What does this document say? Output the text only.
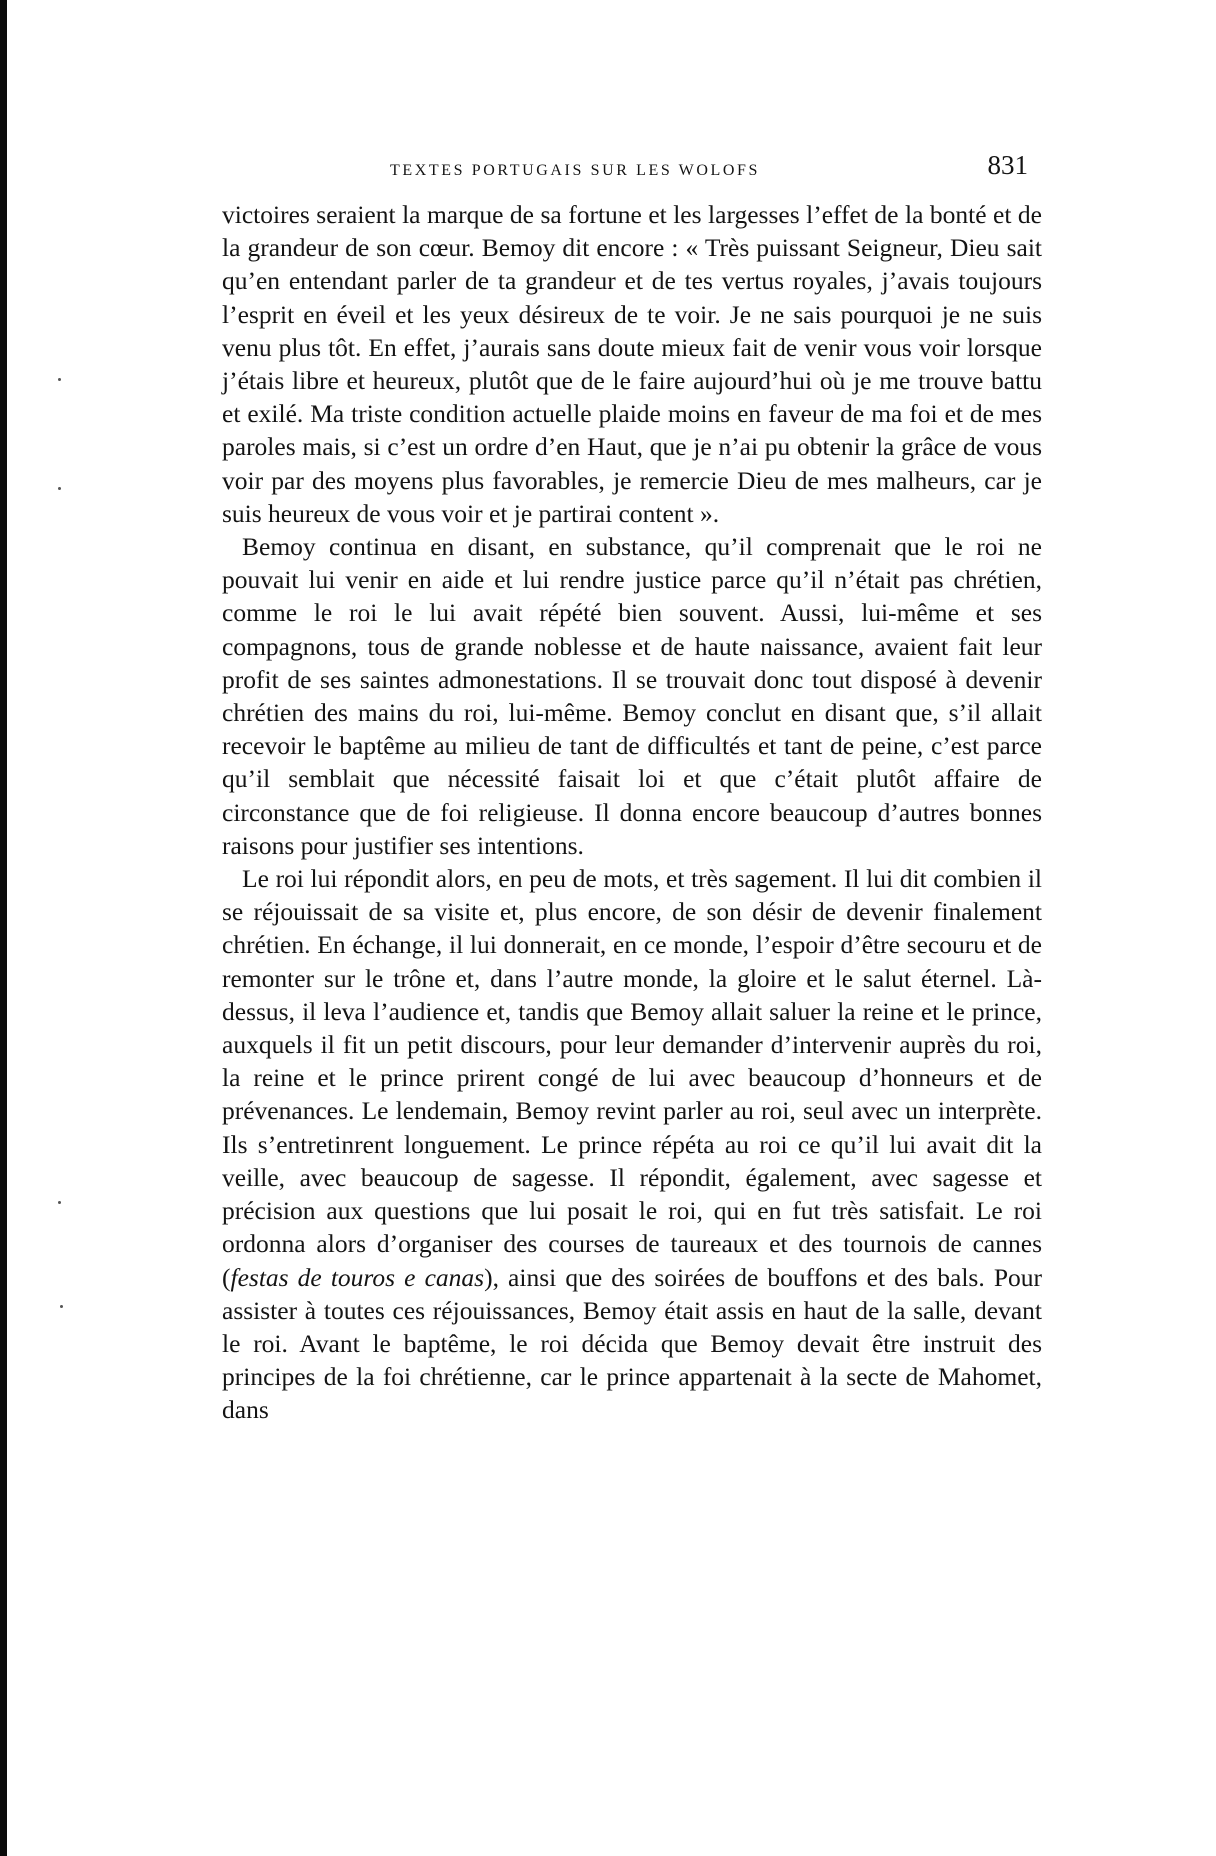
TEXTES PORTUGAIS SUR LES WOLOFS	831

victoires seraient la marque de sa fortune et les largesses l’effet de la bonté et de la grandeur de son cœur. Bemoy dit encore : « Très puissant Seigneur, Dieu sait qu’en entendant parler de ta grandeur et de tes vertus royales, j’avais toujours l’esprit en éveil et les yeux désireux de te voir. Je ne sais pourquoi je ne suis venu plus tôt. En effet, j’aurais sans doute mieux fait de venir vous voir lorsque j’étais libre et heureux, plutôt que de le faire aujourd’hui où je me trouve battu et exilé. Ma triste condition actuelle plaide moins en faveur de ma foi et de mes paroles mais, si c’est un ordre d’en Haut, que je n’ai pu obtenir la grâce de vous voir par des moyens plus favorables, je remercie Dieu de mes malheurs, car je suis heureux de vous voir et je partirai content ».

Bemoy continua en disant, en substance, qu’il comprenait que le roi ne pouvait lui venir en aide et lui rendre justice parce qu’il n’était pas chrétien, comme le roi le lui avait répété bien souvent. Aussi, lui-même et ses compagnons, tous de grande noblesse et de haute naissance, avaient fait leur profit de ses saintes admonestations. Il se trouvait donc tout disposé à devenir chrétien des mains du roi, lui-même. Bemoy conclut en disant que, s’il allait recevoir le baptême au milieu de tant de difficultés et tant de peine, c’est parce qu’il semblait que nécessité faisait loi et que c’était plutôt affaire de circonstance que de foi religieuse. Il donna encore beaucoup d’autres bonnes raisons pour justifier ses intentions.

Le roi lui répondit alors, en peu de mots, et très sagement. Il lui dit combien il se réjouissait de sa visite et, plus encore, de son désir de devenir finalement chrétien. En échange, il lui donnerait, en ce monde, l’espoir d’être secouru et de remonter sur le trône et, dans l’autre monde, la gloire et le salut éternel. Là-dessus, il leva l’audience et, tandis que Bemoy allait saluer la reine et le prince, auxquels il fit un petit discours, pour leur demander d’intervenir auprès du roi, la reine et le prince prirent congé de lui avec beaucoup d’honneurs et de prévenances. Le lendemain, Bemoy revint parler au roi, seul avec un interprète. Ils s’entretinrent longuement. Le prince répéta au roi ce qu’il lui avait dit la veille, avec beaucoup de sagesse. Il répondit, également, avec sagesse et précision aux questions que lui posait le roi, qui en fut très satisfait. Le roi ordonna alors d’organiser des courses de taureaux et des tournois de cannes (festas de touros e canas), ainsi que des soirées de bouffons et des bals. Pour assister à toutes ces réjouissances, Bemoy était assis en haut de la salle, devant le roi. Avant le baptême, le roi décida que Bemoy devait être instruit des principes de la foi chrétienne, car le prince appartenait à la secte de Mahomet, dans
